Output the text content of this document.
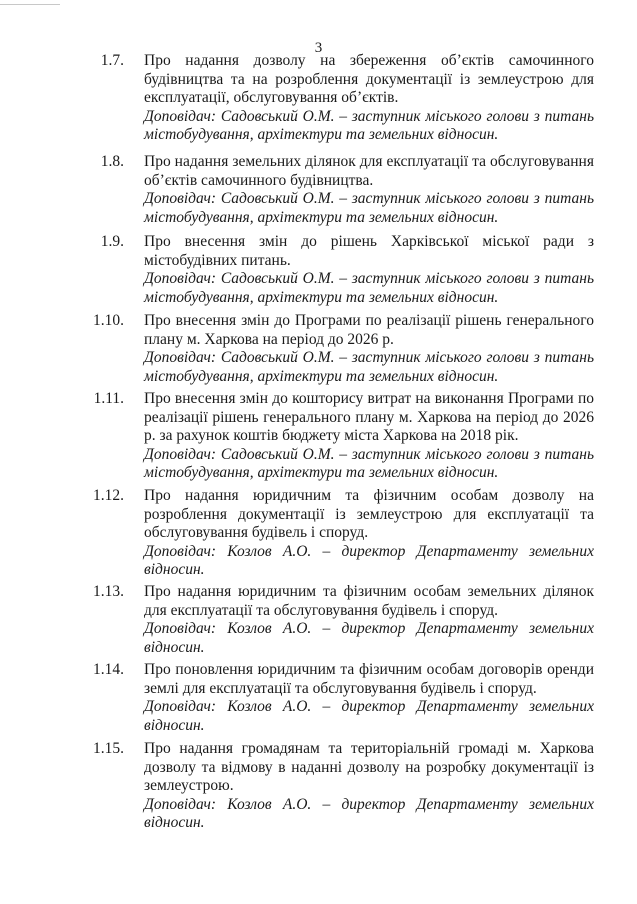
3
1.7. Про надання дозволу на збереження об’єктів самочинного будівництва та на розроблення документації із землеустрою для експлуатації, обслуговування об’єктів.
Доповідач: Садовський О.М. – заступник міського голови з питань містобудування, архітектури та земельних відносин.
1.8. Про надання земельних ділянок для експлуатації та обслуговування об’єктів самочинного будівництва.
Доповідач: Садовський О.М. – заступник міського голови з питань містобудування, архітектури та земельних відносин.
1.9. Про внесення змін до рішень Харківської міської ради з містобудівних питань.
Доповідач: Садовський О.М. – заступник міського голови з питань містобудування, архітектури та земельних відносин.
1.10. Про внесення змін до Програми по реалізації рішень генерального плану м. Харкова на період до 2026 р.
Доповідач: Садовський О.М. – заступник міського голови з питань містобудування, архітектури та земельних відносин.
1.11. Про внесення змін до кошторису витрат на виконання Програми по реалізації рішень генерального плану м. Харкова на період до 2026 р. за рахунок коштів бюджету міста Харкова на 2018 рік.
Доповідач: Садовський О.М. – заступник міського голови з питань містобудування, архітектури та земельних відносин.
1.12. Про надання юридичним та фізичним особам дозволу на розроблення документації із землеустрою для експлуатації та обслуговування будівель і споруд.
Доповідач: Козлов А.О. – директор Департаменту земельних відносин.
1.13. Про надання юридичним та фізичним особам земельних ділянок для експлуатації та обслуговування будівель і споруд.
Доповідач: Козлов А.О. – директор Департаменту земельних відносин.
1.14. Про поновлення юридичним та фізичним особам договорів оренди землі для експлуатації та обслуговування будівель і споруд.
Доповідач: Козлов А.О. – директор Департаменту земельних відносин.
1.15. Про надання громадянам та територіальній громаді м. Харкова дозволу та відмову в наданні дозволу на розробку документації із землеустрою.
Доповідач: Козлов А.О. – директор Департаменту земельних відносин.
